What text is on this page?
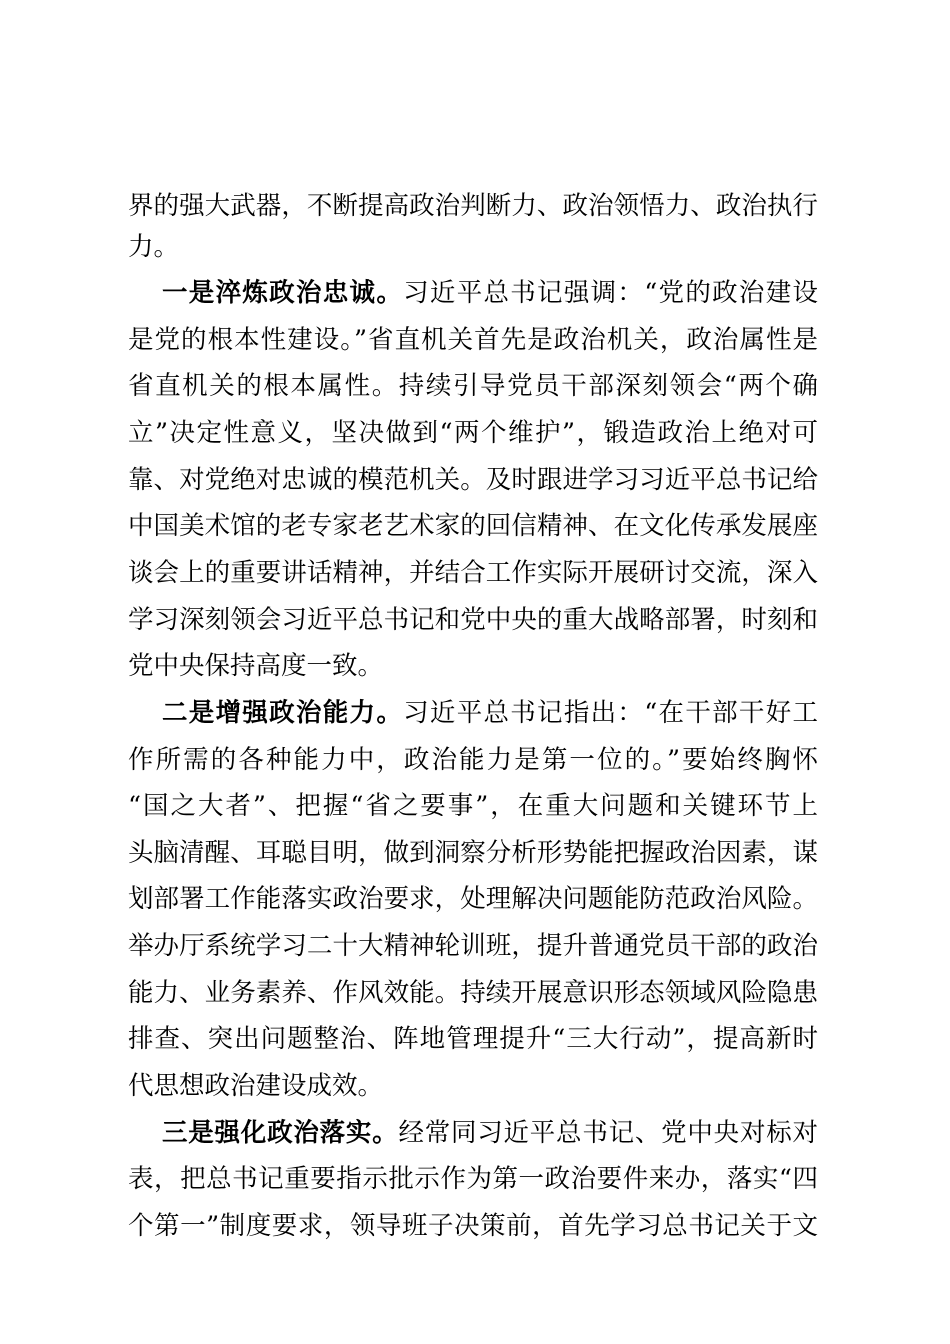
界的强大武器，不断提高政治判断力、政治领悟力、政治执行
力。
一是淬炼政治忠诚。习近平总书记强调：“党的政治建设
是党的根本性建设。”省直机关首先是政治机关，政治属性是
省直机关的根本属性。持续引导党员干部深刻领会“两个确
立”决定性意义，坚决做到“两个维护”，锻造政治上绝对可
靠、对党绝对忠诚的模范机关。及时跟进学习习近平总书记给
中国美术馆的老专家老艺术家的回信精神、在文化传承发展座
谈会上的重要讲话精神，并结合工作实际开展研讨交流，深入
学习深刻领会习近平总书记和党中央的重大战略部署，时刻和
党中央保持高度一致。
二是增强政治能力。习近平总书记指出：“在干部干好工
作所需的各种能力中，政治能力是第一位的。”要始终胸怀
“国之大者”、把握“省之要事”，在重大问题和关键环节上
头脑清醒、耳聪目明，做到洞察分析形势能把握政治因素，谋
划部署工作能落实政治要求，处理解决问题能防范政治风险。
举办厅系统学习二十大精神轮训班，提升普通党员干部的政治
能力、业务素养、作风效能。持续开展意识形态领域风险隐患
排查、突出问题整治、阵地管理提升“三大行动”，提高新时
代思想政治建设成效。
三是强化政治落实。经常同习近平总书记、党中央对标对
表，把总书记重要指示批示作为第一政治要件来办，落实“四
个第一”制度要求，领导班子决策前，首先学习总书记关于文
